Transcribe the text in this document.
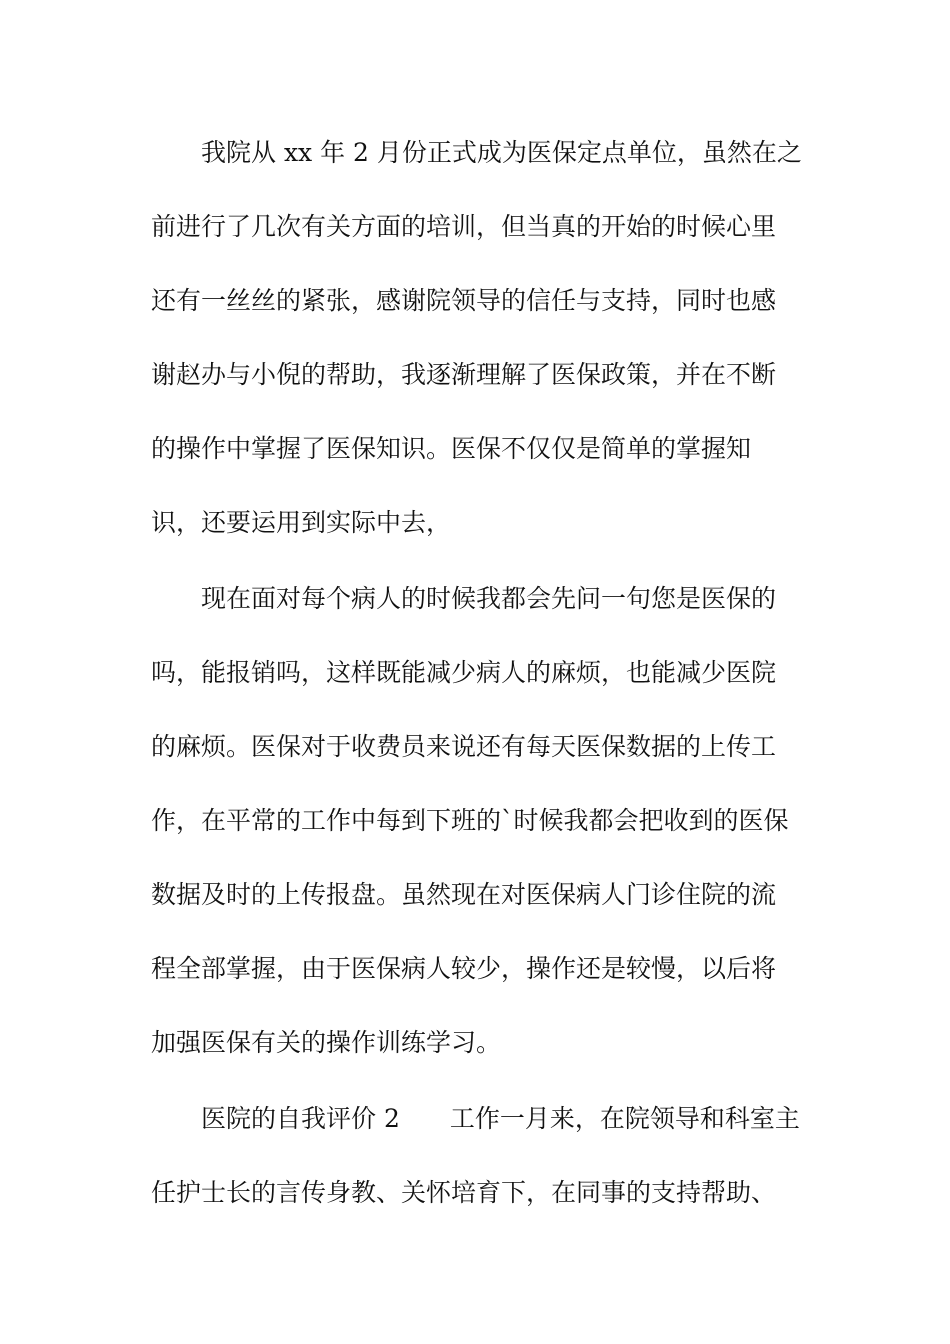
我院从 xx 年 2 月份正式成为医保定点单位，虽然在之
前进行了几次有关方面的培训，但当真的开始的时候心里
还有一丝丝的紧张，感谢院领导的信任与支持，同时也感
谢赵办与小倪的帮助，我逐渐理解了医保政策，并在不断
的操作中掌握了医保知识。医保不仅仅是简单的掌握知
识，还要运用到实际中去，
现在面对每个病人的时候我都会先问一句您是医保的
吗，能报销吗，这样既能减少病人的麻烦，也能减少医院
的麻烦。医保对于收费员来说还有每天医保数据的上传工
作，在平常的工作中每到下班的`时候我都会把收到的医保
数据及时的上传报盘。虽然现在对医保病人门诊住院的流
程全部掌握，由于医保病人较少，操作还是较慢，以后将
加强医保有关的操作训练学习。
医院的自我评价 2　　工作一月来，在院领导和科室主
任护士长的言传身教、关怀培育下，在同事的支持帮助、
